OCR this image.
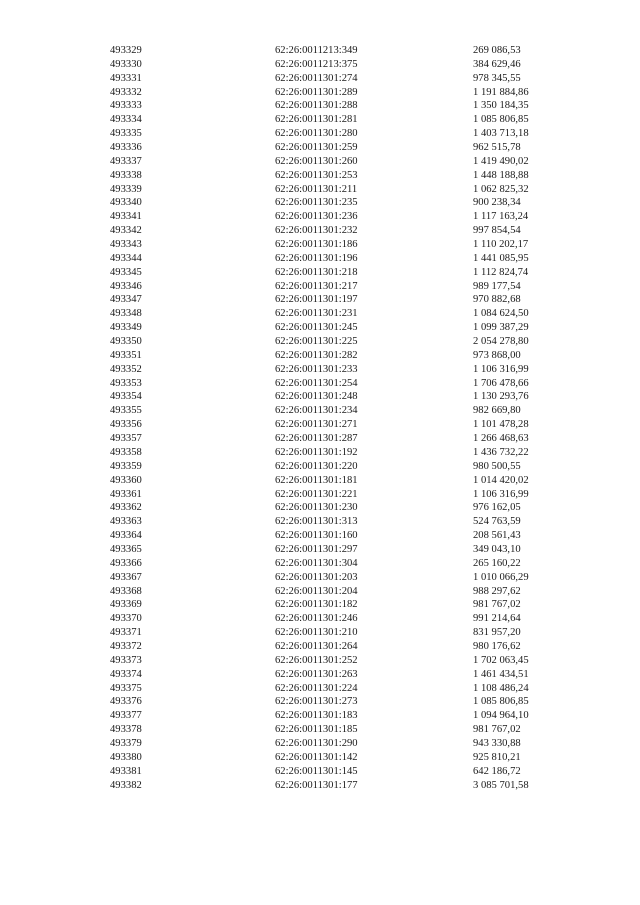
493329	62:26:0011213:349	269 086,53
493330	62:26:0011213:375	384 629,46
493331	62:26:0011301:274	978 345,55
493332	62:26:0011301:289	1 191 884,86
493333	62:26:0011301:288	1 350 184,35
493334	62:26:0011301:281	1 085 806,85
493335	62:26:0011301:280	1 403 713,18
493336	62:26:0011301:259	962 515,78
493337	62:26:0011301:260	1 419 490,02
493338	62:26:0011301:253	1 448 188,88
493339	62:26:0011301:211	1 062 825,32
493340	62:26:0011301:235	900 238,34
493341	62:26:0011301:236	1 117 163,24
493342	62:26:0011301:232	997 854,54
493343	62:26:0011301:186	1 110 202,17
493344	62:26:0011301:196	1 441 085,95
493345	62:26:0011301:218	1 112 824,74
493346	62:26:0011301:217	989 177,54
493347	62:26:0011301:197	970 882,68
493348	62:26:0011301:231	1 084 624,50
493349	62:26:0011301:245	1 099 387,29
493350	62:26:0011301:225	2 054 278,80
493351	62:26:0011301:282	973 868,00
493352	62:26:0011301:233	1 106 316,99
493353	62:26:0011301:254	1 706 478,66
493354	62:26:0011301:248	1 130 293,76
493355	62:26:0011301:234	982 669,80
493356	62:26:0011301:271	1 101 478,28
493357	62:26:0011301:287	1 266 468,63
493358	62:26:0011301:192	1 436 732,22
493359	62:26:0011301:220	980 500,55
493360	62:26:0011301:181	1 014 420,02
493361	62:26:0011301:221	1 106 316,99
493362	62:26:0011301:230	976 162,05
493363	62:26:0011301:313	524 763,59
493364	62:26:0011301:160	208 561,43
493365	62:26:0011301:297	349 043,10
493366	62:26:0011301:304	265 160,22
493367	62:26:0011301:203	1 010 066,29
493368	62:26:0011301:204	988 297,62
493369	62:26:0011301:182	981 767,02
493370	62:26:0011301:246	991 214,64
493371	62:26:0011301:210	831 957,20
493372	62:26:0011301:264	980 176,62
493373	62:26:0011301:252	1 702 063,45
493374	62:26:0011301:263	1 461 434,51
493375	62:26:0011301:224	1 108 486,24
493376	62:26:0011301:273	1 085 806,85
493377	62:26:0011301:183	1 094 964,10
493378	62:26:0011301:185	981 767,02
493379	62:26:0011301:290	943 330,88
493380	62:26:0011301:142	925 810,21
493381	62:26:0011301:145	642 186,72
493382	62:26:0011301:177	3 085 701,58
